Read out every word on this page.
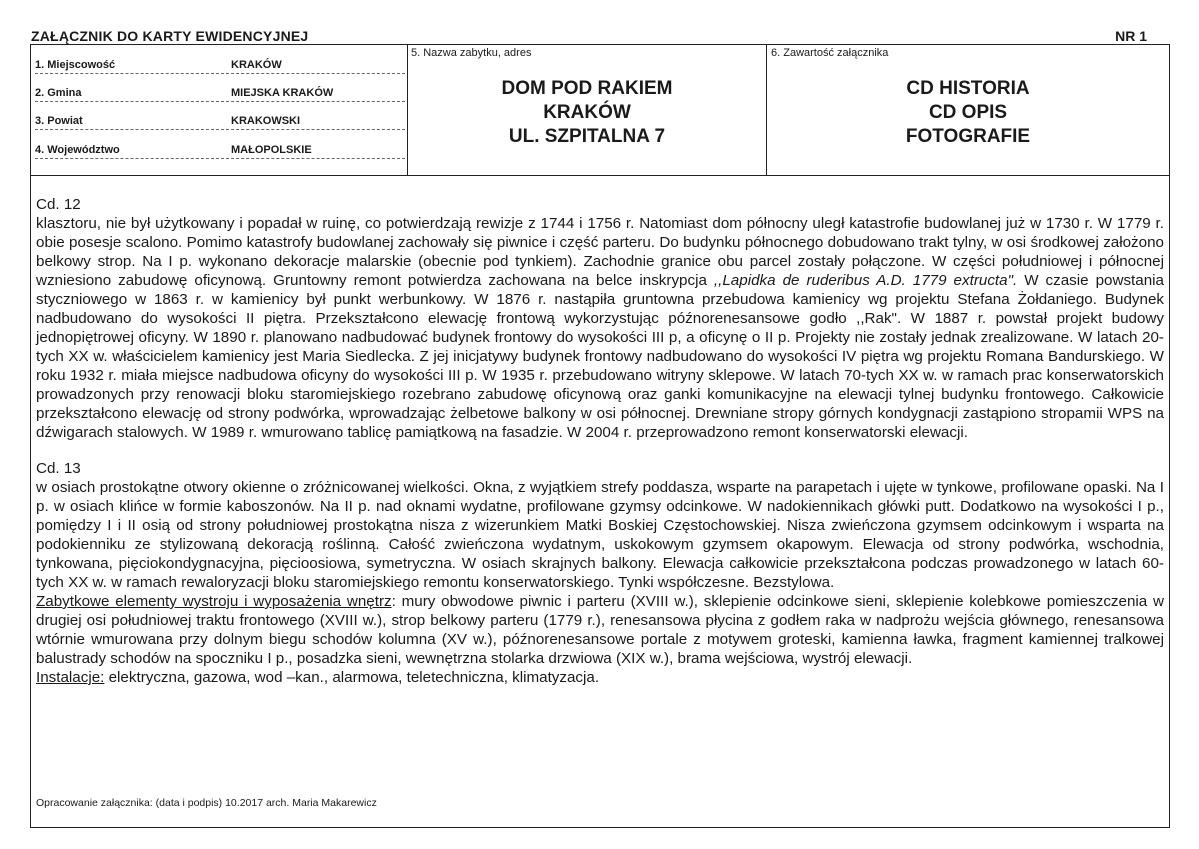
ZAŁĄCZNIK DO KARTY EWIDENCYJNEJ	NR 1
1. Miejscowość	KRAKÓW
2. Gmina	MIEJSKA KRAKÓW
3. Powiat	KRAKOWSKI
4. Województwo	MAŁOPOLSKIE
5. Nazwa zabytku, adres
DOM POD RAKIEM
KRAKÓW
UL. SZPITALNA 7
6. Zawartość załącznika
CD HISTORIA
CD OPIS
FOTOGRAFIE

Cd. 12

klasztoru, nie był użytkowany i popadał w ruinę, co potwierdzają rewizje z 1744 i 1756 r. Natomiast dom północny uległ katastrofie budowlanej już w 1730 r. W 1779 r. obie posesje scalono. Pomimo katastrofy budowlanej zachowały się piwnice i część parteru. Do budynku północnego dobudowano trakt tylny, w osi środkowej założono belkowy strop. Na I p. wykonano dekoracje malarskie (obecnie pod tynkiem). Zachodnie granice obu parcel zostały połączone. W części południowej i północnej wzniesiono zabudowę oficynową. Gruntowny remont potwierdza zachowana na belce inskrypcja ,,Lapidka de ruderibus A.D. 1779 extructa". W czasie powstania styczniowego w 1863 r. w kamienicy był punkt werbunkowy. W 1876 r. nastąpiła gruntowna przebudowa kamienicy wg projektu Stefana Żołdaniego. Budynek nadbudowano do wysokości II piętra. Przekształcono elewację frontową wykorzystując późnorenesansowe godło ,,Rak". W 1887 r. powstał projekt budowy jednopiętrowej oficyny. W 1890 r. planowano nadbudować budynek frontowy do wysokości III p, a oficynę o II p. Projekty nie zostały jednak zrealizowane. W latach 20-tych XX w. właścicielem kamienicy jest Maria Siedlecka. Z jej inicjatywy budynek frontowy nadbudowano do wysokości IV piętra wg projektu Romana Bandurskiego. W roku 1932 r. miała miejsce nadbudowa oficyny do wysokości III p. W 1935 r. przebudowano witryny sklepowe. W latach 70-tych XX w. w ramach prac konserwatorskich prowadzonych przy renowacji bloku staromiejskiego rozebrano zabudowę oficynową oraz ganki komunikacyjne na elewacji tylnej budynku frontowego. Całkowicie przekształcono elewację od strony podwórka, wprowadzając żelbetowe balkony w osi północnej. Drewniane stropy górnych kondygnacji zastąpiono stropamii WPS na dźwigarach stalowych. W 1989 r. wmurowano tablicę pamiątkową na fasadzie. W 2004 r. przeprowadzono remont konserwatorski elewacji.

Cd. 13

w osiach prostokątne otwory okienne o zróżnicowanej wielkości. Okna, z wyjątkiem strefy poddasza, wsparte na parapetach i ujęte w tynkowe, profilowane opaski. Na I p. w osiach klińce w formie kaboszonów. Na II p. nad oknami wydatne, profilowane gzymsy odcinkowe. W nadokiennikach główki putt. Dodatkowo na wysokości I p., pomiędzy I i II osią od strony południowej prostokątna nisza z wizerunkiem Matki Boskiej Częstochowskiej. Nisza zwieńczona gzymsem odcinkowym i wsparta na podokienniku ze stylizowaną dekoracją roślinną. Całość zwieńczona wydatnym, uskokowym gzymsem okapowym. Elewacja od strony podwórka, wschodnia, tynkowana, pięciokondygnacyjna, pięcioosiowa, symetryczna. W osiach skrajnych balkony. Elewacja całkowicie przekształcona podczas prowadzonego w latach 60-tych XX w. w ramach rewaloryzacji bloku staromiejskiego remontu konserwatorskiego. Tynki współczesne. Bezstylowa.

Zabytkowe elementy wystroju i wyposażenia wnętrz: mury obwodowe piwnic i parteru (XVIII w.), sklepienie odcinkowe sieni, sklepienie kolebkowe pomieszczenia w drugiej osi południowej traktu frontowego (XVIII w.), strop belkowy parteru (1779 r.), renesansowa płycina z godłem raka w nadprożu wejścia głównego, renesansowa wtórnie wmurowana przy dolnym biegu schodów kolumna (XV w.), późnorenesansowe portale z motywem groteski, kamienna ławka, fragment kamiennej tralkowej balustrady schodów na spoczniku I p., posadzka sieni, wewnętrzna stolarka drzwiowa (XIX w.), brama wejściowa, wystrój elewacji.

Instalacje: elektryczna, gazowa, wod –kan., alarmowa, teletechniczna, klimatyzacja.

Opracowanie załącznika: (data i podpis) 10.2017 arch. Maria Makarewicz
